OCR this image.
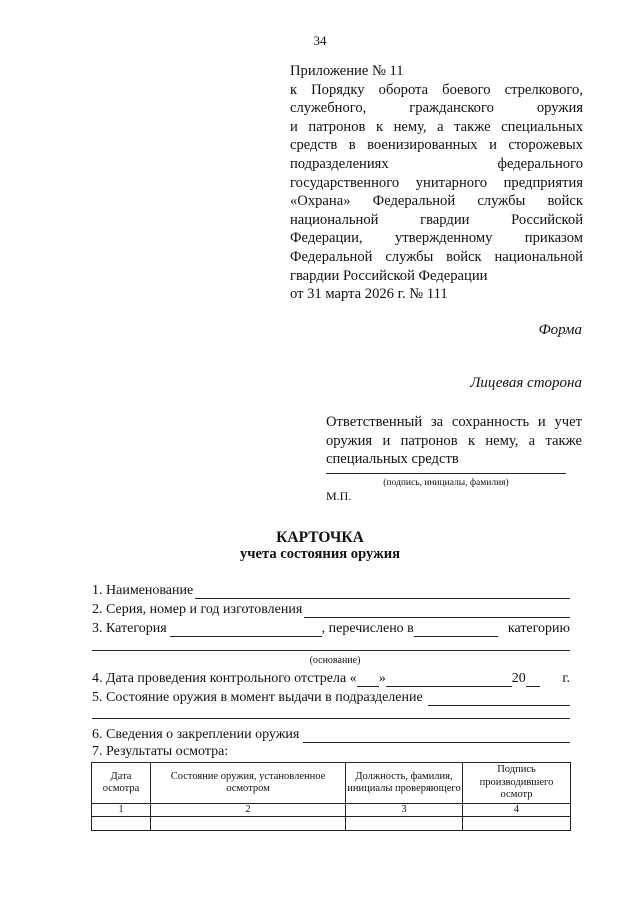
34
Приложение № 11
к Порядку оборота боевого стрелкового,
служебного,	гражданского	оружия
и патронов к нему, а также специальных
средств в военизированных и сторожевых
подразделениях	федерального
государственного унитарного предприятия
«Охрана» Федеральной службы войск
национальной	гвардии	Российской
Федерации, утвержденному приказом
Федеральной службы войск национальной
гвардии Российской Федерации
от 31 марта 2026 г. № 111
Форма
Лицевая сторона
Ответственный за сохранность и учет
оружия и патронов к нему, а также
специальных средств
(подпись, инициалы, фамилия)
М.П.
КАРТОЧКА
учета состояния оружия
1. Наименование
2. Серия, номер и год изготовления
3. Категория	, перечислено в	категорию
(основание)
4. Дата проведения контрольного отстрела « »	20	г.
5. Состояние оружия в момент выдачи в подразделение
6. Сведения о закреплении оружия
7. Результаты осмотра:
Дата осмотра	Состояние оружия, установленное осмотром	Должность, фамилия, инициалы проверяющего	Подпись производившего осмотр
1	2	3	4
